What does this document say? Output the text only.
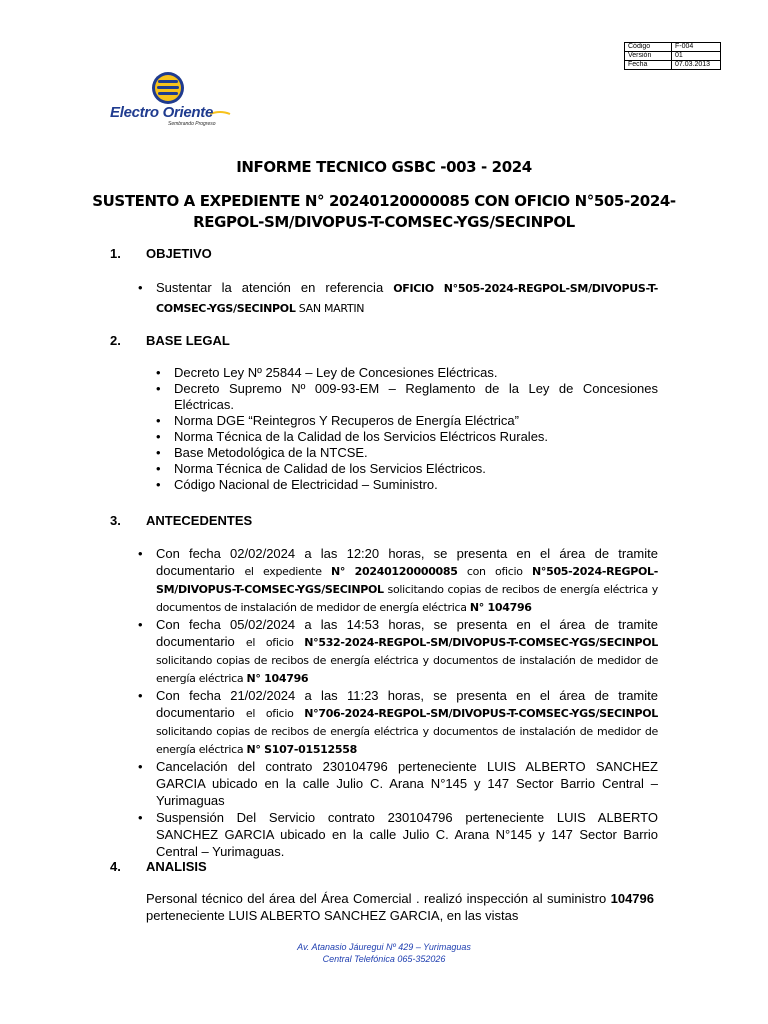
Código	F-004
Versión	01
Fecha	07.03.2013
Electro Oriente
Sembrando Progreso
INFORME TECNICO GSBC -003 - 2024
SUSTENTO A EXPEDIENTE N° 20240120000085 CON OFICIO N°505-2024-
REGPOL-SM/DIVOPUS-T-COMSEC-YGS/SECINPOL
1. OBJETIVO
• Sustentar la atención en referencia OFICIO N°505-2024-REGPOL-SM/DIVOPUS-T-COMSEC-YGS/SECINPOL SAN MARTIN
2. BASE LEGAL
• Decreto Ley Nº 25844 – Ley de Concesiones Eléctricas.
• Decreto Supremo Nº 009-93-EM – Reglamento de la Ley de Concesiones Eléctricas.
• Norma DGE “Reintegros Y Recuperos de Energía Eléctrica”
• Norma Técnica de la Calidad de los Servicios Eléctricos Rurales.
• Base Metodológica de la NTCSE.
• Norma Técnica de Calidad de los Servicios Eléctricos.
• Código Nacional de Electricidad – Suministro.
3. ANTECEDENTES
• Con fecha 02/02/2024 a las 12:20 horas, se presenta en el área de tramite documentario el expediente N° 20240120000085 con oficio N°505-2024-REGPOL-SM/DIVOPUS-T-COMSEC-YGS/SECINPOL solicitando copias de recibos de energía eléctrica y documentos de instalación de medidor de energía eléctrica N° 104796
• Con fecha 05/02/2024 a las 14:53 horas, se presenta en el área de tramite documentario el oficio N°532-2024-REGPOL-SM/DIVOPUS-T-COMSEC-YGS/SECINPOL solicitando copias de recibos de energía eléctrica y documentos de instalación de medidor de energía eléctrica N° 104796
• Con fecha 21/02/2024 a las 11:23 horas, se presenta en el área de tramite documentario el oficio N°706-2024-REGPOL-SM/DIVOPUS-T-COMSEC-YGS/SECINPOL solicitando copias de recibos de energía eléctrica y documentos de instalación de medidor de energía eléctrica N° S107-01512558
• Cancelación del contrato 230104796 perteneciente LUIS ALBERTO SANCHEZ GARCIA ubicado en la calle Julio C. Arana N°145 y 147 Sector Barrio Central – Yurimaguas
• Suspensión Del Servicio contrato 230104796 perteneciente LUIS ALBERTO SANCHEZ GARCIA ubicado en la calle Julio C. Arana N°145 y 147 Sector Barrio Central – Yurimaguas.
4. ANALISIS
Personal técnico del área del Área Comercial . realizó inspección al suministro 104796 perteneciente LUIS ALBERTO SANCHEZ GARCIA, en las vistas
Av. Atanasio Jáuregui Nº 429 – Yurimaguas
Central Telefónica 065-352026
